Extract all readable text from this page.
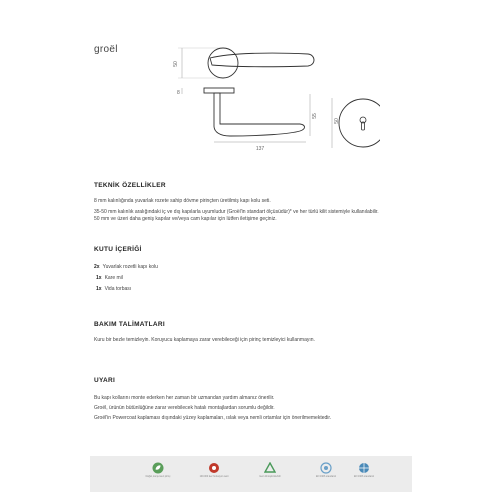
groël
50
8
55
137
50
TEKNİK ÖZELLİKLER

8 mm kalınlığında yuvarlak rozete sahip dövme pirinçten üretilmiş kapı kolu seti.

35-50 mm kalınlık aralığındaki iç ve dış kapılarla uyumludur (Groël'in standart ölçüsüdür)* ve her türlü kilit sistemiyle kullanılabilir.

50 mm ve üzeri daha geniş kapılar ve/veya cam kapılar için lütfen iletişime geçiniz.

KUTU İÇERİĞİ
2x Yuvarlak rozetli kapı kolu
1x Kare mil
1x Vida torbası
BAKIM TALİMATLARI

Kuru bir bezle temizleyin. Koruyucu kaplamaya zarar verebileceği için pirinç temizleyici kullanmayın.

UYARI

Bu kapı kollarını monte ederken her zaman bir uzmandan yardım almanız önerilir.

Groël, ürünün bütünlüğüne zarar verebilecek hatalı montajlardan sorumlu değildir.

Groël'in Powercoat kaplaması dışındaki yüzey kaplamaları, ıslak veya nemli ortamlar için önerilmemektedir.

Doğal, kurşunsuz pirinç	100.000 kez fonksiyon testi	Geri dönüştürülebilir	EN 1906 standardı	EN 1906 standardı
